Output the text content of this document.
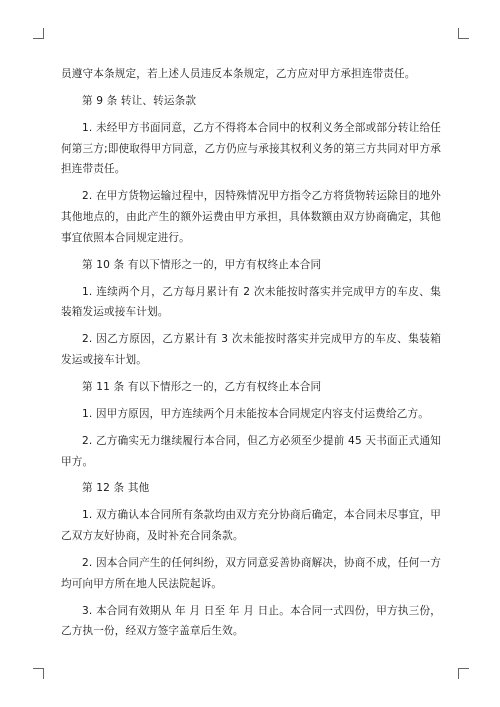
员遵守本条规定，若上述人员违反本条规定，乙方应对甲方承担连带责任。

第 9 条 转让、转运条款

1. 未经甲方书面同意，乙方不得将本合同中的权利义务全部或部分转让给任何第三方;即使取得甲方同意，乙方仍应与承接其权利义务的第三方共同对甲方承担连带责任。

2. 在甲方货物运输过程中，因特殊情况甲方指令乙方将货物转运除目的地外其他地点的，由此产生的额外运费由甲方承担，具体数额由双方协商确定，其他事宜依照本合同规定进行。

第 10 条 有以下情形之一的，甲方有权终止本合同

1. 连续两个月，乙方每月累计有 2 次未能按时落实并完成甲方的车皮、集装箱发运或接车计划。

2. 因乙方原因，乙方累计有 3 次未能按时落实并完成甲方的车皮、集装箱发运或接车计划。

第 11 条 有以下情形之一的，乙方有权终止本合同

1. 因甲方原因，甲方连续两个月未能按本合同规定内容支付运费给乙方。

2. 乙方确实无力继续履行本合同，但乙方必须至少提前 45 天书面正式通知甲方。

第 12 条 其他

1. 双方确认本合同所有条款均由双方充分协商后确定，本合同未尽事宜，甲乙双方友好协商，及时补充合同条款。

2. 因本合同产生的任何纠纷，双方同意妥善协商解决，协商不成，任何一方均可向甲方所在地人民法院起诉。

3. 本合同有效期从 年 月 日至 年 月 日止。本合同一式四份，甲方执三份，乙方执一份，经双方签字盖章后生效。
